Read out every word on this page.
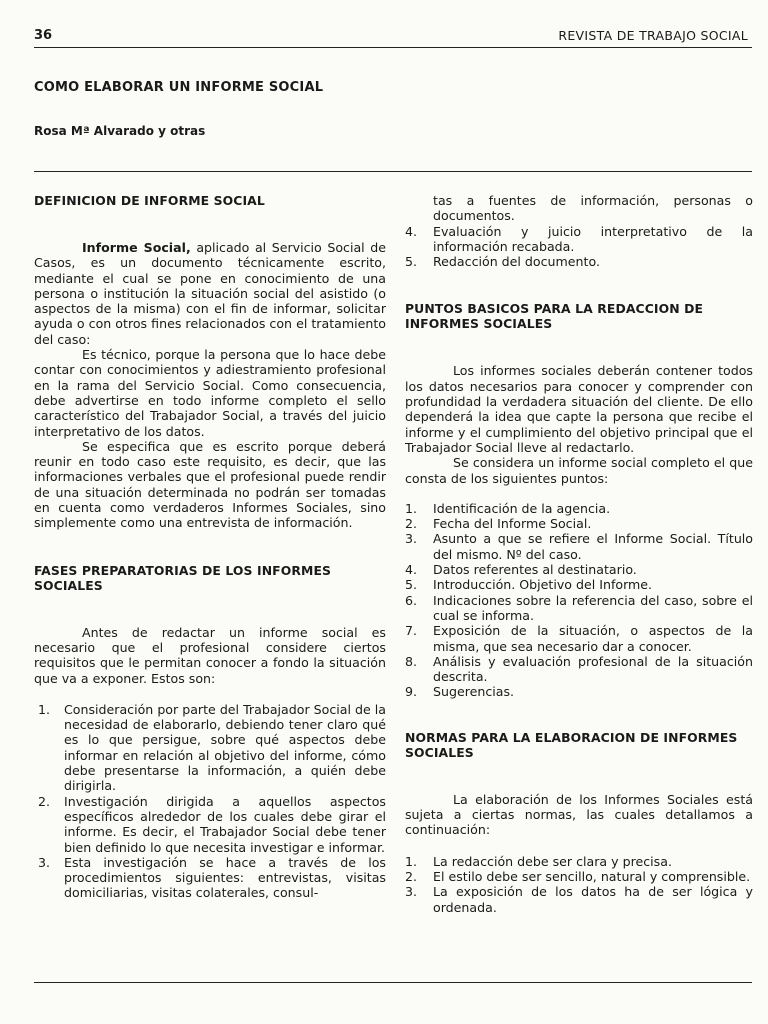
36	REVISTA DE TRABAJO SOCIAL
COMO ELABORAR UN INFORME SOCIAL
Rosa Mª Alvarado y otras
DEFINICION DE INFORME SOCIAL

Informe Social, aplicado al Servicio Social de Casos, es un documento técnicamente escrito, mediante el cual se pone en conocimiento de una persona o institución la situación social del asistido (o aspectos de la misma) con el fin de informar, solicitar ayuda o con otros fines relacionados con el tratamiento del caso:

Es técnico, porque la persona que lo hace debe contar con conocimientos y adiestramiento profesional en la rama del Servicio Social. Como consecuencia, debe advertirse en todo informe completo el sello característico del Trabajador Social, a través del juicio interpretativo de los datos.

Se especifica que es escrito porque deberá reunir en todo caso este requisito, es decir, que las informaciones verbales que el profesional puede rendir de una situación determinada no podrán ser tomadas en cuenta como verdaderos Informes Sociales, sino simplemente como una entrevista de información.

FASES PREPARATORIAS DE LOS INFORMES SOCIALES

Antes de redactar un informe social es necesario que el profesional considere ciertos requisitos que le permitan conocer a fondo la situación que va a exponer. Estos son:

1. Consideración por parte del Trabajador Social de la necesidad de elaborarlo, debiendo tener claro qué es lo que persigue, sobre qué aspectos debe informar en relación al objetivo del informe, cómo debe presentarse la información, a quién debe dirigirla.
2. Investigación dirigida a aquellos aspectos específicos alrededor de los cuales debe girar el informe. Es decir, el Trabajador Social debe tener bien definido lo que necesita investigar e informar.
3. Esta investigación se hace a través de los procedimientos siguientes: entrevistas, visitas domiciliarias, visitas colaterales, consul-

tas a fuentes de información, personas o documentos.

4. Evaluación y juicio interpretativo de la información recabada.
5. Redacción del documento.
PUNTOS BASICOS PARA LA REDACCION DE INFORMES SOCIALES

Los informes sociales deberán contener todos los datos necesarios para conocer y comprender con profundidad la verdadera situación del cliente. De ello dependerá la idea que capte la persona que recibe el informe y el cumplimiento del objetivo principal que el Trabajador Social lleve al redactarlo.

Se considera un informe social completo el que consta de los siguientes puntos:

1. Identificación de la agencia.
2. Fecha del Informe Social.
3. Asunto a que se refiere el Informe Social. Título del mismo. Nº del caso.
4. Datos referentes al destinatario.
5. Introducción. Objetivo del Informe.
6. Indicaciones sobre la referencia del caso, sobre el cual se informa.
7. Exposición de la situación, o aspectos de la misma, que sea necesario dar a conocer.
8. Análisis y evaluación profesional de la situación descrita.
9. Sugerencias.
NORMAS PARA LA ELABORACION DE INFORMES SOCIALES

La elaboración de los Informes Sociales está sujeta a ciertas normas, las cuales detallamos a continuación:

1. La redacción debe ser clara y precisa.
2. El estilo debe ser sencillo, natural y comprensible.
3. La exposición de los datos ha de ser lógica y ordenada.
